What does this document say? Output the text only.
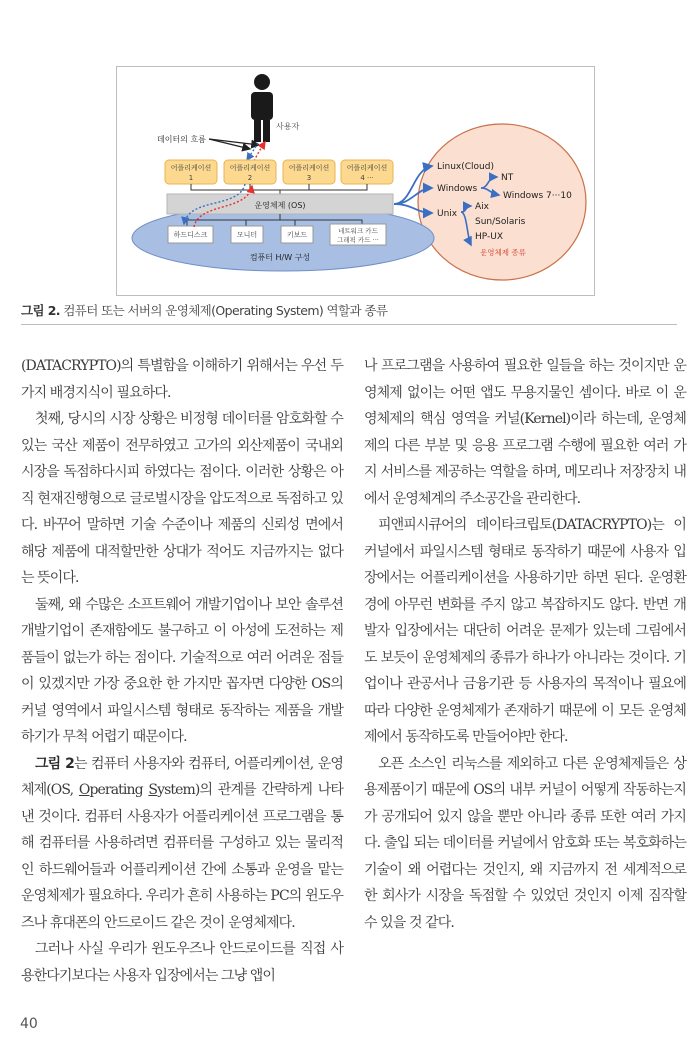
사용자
데이터의 흐름
어플리케이션
1
어플리케이션
2
어플리케이션
3
어플리케이션
4 ···
운영체제 (OS)
하드디스크	모니터	키보드	네트워크 카드
그래픽 카드 ···
컴퓨터 H/W 구성
Linux(Cloud)
Windows
Unix
NT
Windows 7···10
Aix
Sun/Solaris
HP-UX
운영체제 종류
그림 2. 컴퓨터 또는 서버의 운영체제(Operating System) 역할과 종류

(DATACRYPTO)의 특별함을 이해하기 위해서는 우선 두 가지 배경지식이 필요하다.

첫째, 당시의 시장 상황은 비정형 데이터를 암호화할 수 있는 국산 제품이 전무하였고 고가의 외산제품이 국내외 시장을 독점하다시피 하였다는 점이다. 이러한 상황은 아직 현재진행형으로 글로벌시장을 압도적으로 독점하고 있다. 바꾸어 말하면 기술 수준이나 제품의 신뢰성 면에서 해당 제품에 대적할만한 상대가 적어도 지금까지는 없다는 뜻이다.

둘째, 왜 수많은 소프트웨어 개발기업이나 보안 솔루션 개발기업이 존재함에도 불구하고 이 아성에 도전하는 제품들이 없는가 하는 점이다. 기술적으로 여러 어려운 점들이 있겠지만 가장 중요한 한 가지만 꼽자면 다양한 OS의 커널 영역에서 파일시스템 형태로 동작하는 제품을 개발하기가 무척 어렵기 때문이다.

그림 2는 컴퓨터 사용자와 컴퓨터, 어플리케이션, 운영체제(OS, Operating System)의 관계를 간략하게 나타낸 것이다. 컴퓨터 사용자가 어플리케이션 프로그램을 통해 컴퓨터를 사용하려면 컴퓨터를 구성하고 있는 물리적인 하드웨어들과 어플리케이션 간에 소통과 운영을 맡는 운영체제가 필요하다. 우리가 흔히 사용하는 PC의 윈도우즈나 휴대폰의 안드로이드 같은 것이 운영체제다.

그러나 사실 우리가 윈도우즈나 안드로이드를 직접 사용한다기보다는 사용자 입장에서는 그냥 앱이

나 프로그램을 사용하여 필요한 일들을 하는 것이지만 운영체제 없이는 어떤 앱도 무용지물인 셈이다. 바로 이 운영체제의 핵심 영역을 커널(Kernel)이라 하는데, 운영체제의 다른 부분 및 응용 프로그램 수행에 필요한 여러 가지 서비스를 제공하는 역할을 하며, 메모리나 저장장치 내에서 운영체계의 주소공간을 관리한다.

피앤피시큐어의 데이타크립토(DATACRYPTO)는 이 커널에서 파일시스템 형태로 동작하기 때문에 사용자 입장에서는 어플리케이션을 사용하기만 하면 된다. 운영환경에 아무런 변화를 주지 않고 복잡하지도 않다. 반면 개발자 입장에서는 대단히 어려운 문제가 있는데 그림에서도 보듯이 운영체제의 종류가 하나가 아니라는 것이다. 기업이나 관공서나 금융기관 등 사용자의 목적이나 필요에 따라 다양한 운영체제가 존재하기 때문에 이 모든 운영체제에서 동작하도록 만들어야만 한다.

오픈 소스인 리눅스를 제외하고 다른 운영체제들은 상용제품이기 때문에 OS의 내부 커널이 어떻게 작동하는지가 공개되어 있지 않을 뿐만 아니라 종류 또한 여러 가지다. 출입 되는 데이터를 커널에서 암호화 또는 복호화하는 기술이 왜 어렵다는 것인지, 왜 지금까지 전 세계적으로 한 회사가 시장을 독점할 수 있었던 것인지 이제 짐작할 수 있을 것 같다.

40
